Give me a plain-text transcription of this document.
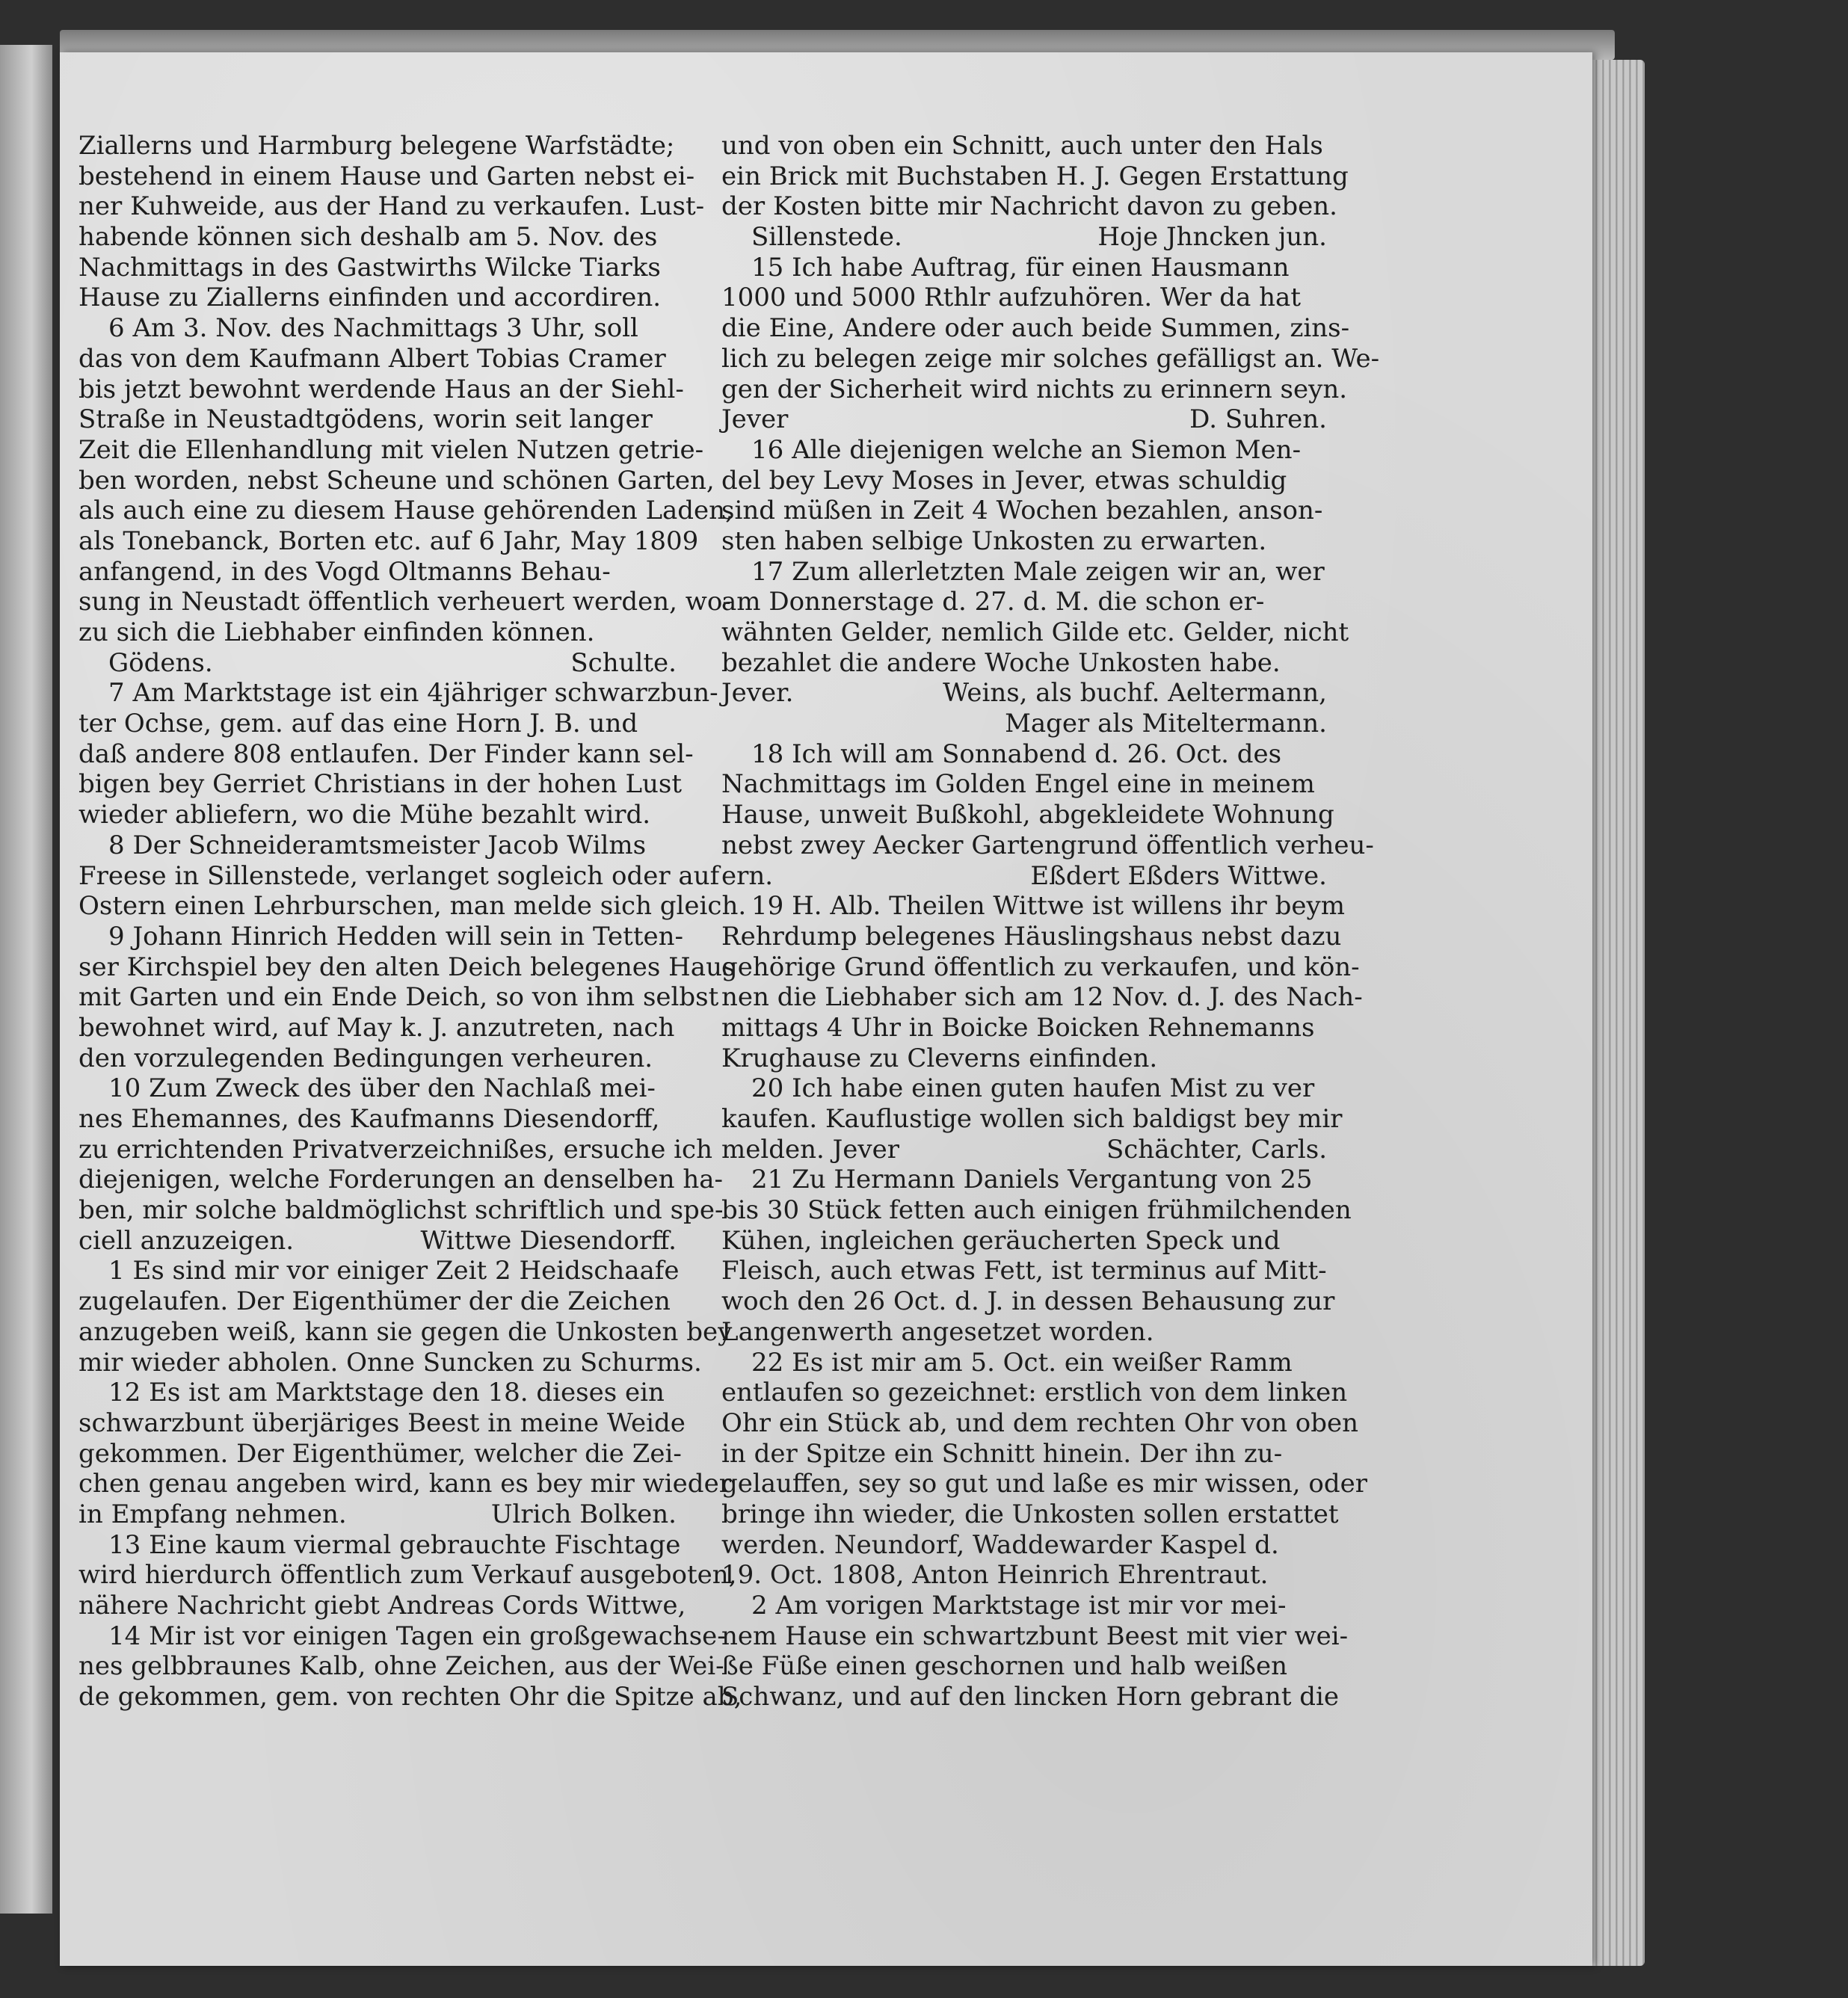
Ziallerns und Harmburg belegene Warfstädte;
bestehend in einem Hause und Garten nebst ei-
ner Kuhweide, aus der Hand zu verkaufen. Lust-
habende können sich deshalb am 5. Nov. des
Nachmittags in des Gastwirths Wilcke Tiarks
Hause zu Ziallerns einfinden und accordiren.
6 Am 3. Nov. des Nachmittags 3 Uhr, soll
das von dem Kaufmann Albert Tobias Cramer
bis jetzt bewohnt werdende Haus an der Siehl-
Straße in Neustadtgödens, worin seit langer
Zeit die Ellenhandlung mit vielen Nutzen getrie-
ben worden, nebst Scheune und schönen Garten,
als auch eine zu diesem Hause gehörenden Laden,
als Tonebanck, Borten etc. auf 6 Jahr, May 1809
anfangend, in des Vogd Oltmanns Behau-
sung in Neustadt öffentlich verheuert werden, wo-
zu sich die Liebhaber einfinden können.
Gödens.	Schulte.
7 Am Marktstage ist ein 4jähriger schwarzbun-
ter Ochse, gem. auf das eine Horn J. B. und
daß andere 808 entlaufen. Der Finder kann sel-
bigen bey Gerriet Christians in der hohen Lust
wieder abliefern, wo die Mühe bezahlt wird.
8 Der Schneideramtsmeister Jacob Wilms
Freese in Sillenstede, verlanget sogleich oder auf
Ostern einen Lehrburschen, man melde sich gleich.
9 Johann Hinrich Hedden will sein in Tetten-
ser Kirchspiel bey den alten Deich belegenes Haus
mit Garten und ein Ende Deich, so von ihm selbst
bewohnet wird, auf May k. J. anzutreten, nach
den vorzulegenden Bedingungen verheuren.
10 Zum Zweck des über den Nachlaß mei-
nes Ehemannes, des Kaufmanns Diesendorff,
zu errichtenden Privatverzeichnißes, ersuche ich
diejenigen, welche Forderungen an denselben ha-
ben, mir solche baldmöglichst schriftlich und spe-
ciell anzuzeigen.	Wittwe Diesendorff.
1 Es sind mir vor einiger Zeit 2 Heidschaafe
zugelaufen. Der Eigenthümer der die Zeichen
anzugeben weiß, kann sie gegen die Unkosten bey
mir wieder abholen. Onne Suncken zu Schurms.
12 Es ist am Marktstage den 18. dieses ein
schwarzbunt überjäriges Beest in meine Weide
gekommen. Der Eigenthümer, welcher die Zei-
chen genau angeben wird, kann es bey mir wieder
in Empfang nehmen.	Ulrich Bolken.
13 Eine kaum viermal gebrauchte Fischtage
wird hierdurch öffentlich zum Verkauf ausgeboten,
nähere Nachricht giebt Andreas Cords Wittwe,
14 Mir ist vor einigen Tagen ein großgewachse-
nes gelbbraunes Kalb, ohne Zeichen, aus der Wei-
de gekommen, gem. von rechten Ohr die Spitze ab,
und von oben ein Schnitt, auch unter den Hals
ein Brick mit Buchstaben H. J. Gegen Erstattung
der Kosten bitte mir Nachricht davon zu geben.
Sillenstede.	Hoje Jhncken jun.
15 Ich habe Auftrag, für einen Hausmann
1000 und 5000 Rthlr aufzuhören. Wer da hat
die Eine, Andere oder auch beide Summen, zins-
lich zu belegen zeige mir solches gefälligst an. We-
gen der Sicherheit wird nichts zu erinnern seyn.
Jever	D. Suhren.
16 Alle diejenigen welche an Siemon Men-
del bey Levy Moses in Jever, etwas schuldig
sind müßen in Zeit 4 Wochen bezahlen, anson-
sten haben selbige Unkosten zu erwarten.
17 Zum allerletzten Male zeigen wir an, wer
am Donnerstage d. 27. d. M. die schon er-
wähnten Gelder, nemlich Gilde etc. Gelder, nicht
bezahlet die andere Woche Unkosten habe.
Jever.	Weins, als buchf. Aeltermann,
Mager als Miteltermann.
18 Ich will am Sonnabend d. 26. Oct. des
Nachmittags im Golden Engel eine in meinem
Hause, unweit Bußkohl, abgekleidete Wohnung
nebst zwey Aecker Gartengrund öffentlich verheu-
ern.	Eßdert Eßders Wittwe.
19 H. Alb. Theilen Wittwe ist willens ihr beym
Rehrdump belegenes Häuslingshaus nebst dazu
gehörige Grund öffentlich zu verkaufen, und kön-
nen die Liebhaber sich am 12 Nov. d. J. des Nach-
mittags 4 Uhr in Boicke Boicken Rehnemanns
Krughause zu Cleverns einfinden.
20 Ich habe einen guten haufen Mist zu ver
kaufen. Kauflustige wollen sich baldigst bey mir
melden. Jever	Schächter, Carls.
21 Zu Hermann Daniels Vergantung von 25
bis 30 Stück fetten auch einigen frühmilchenden
Kühen, ingleichen geräucherten Speck und
Fleisch, auch etwas Fett, ist terminus auf Mitt-
woch den 26 Oct. d. J. in dessen Behausung zur
Langenwerth angesetzet worden.
22 Es ist mir am 5. Oct. ein weißer Ramm
entlaufen so gezeichnet: erstlich von dem linken
Ohr ein Stück ab, und dem rechten Ohr von oben
in der Spitze ein Schnitt hinein. Der ihn zu-
gelauffen, sey so gut und laße es mir wissen, oder
bringe ihn wieder, die Unkosten sollen erstattet
werden. Neundorf, Waddewarder Kaspel d.
19. Oct. 1808, Anton Heinrich Ehrentraut.
2 Am vorigen Marktstage ist mir vor mei-
nem Hause ein schwartzbunt Beest mit vier wei-
ße Füße einen geschornen und halb weißen
Schwanz, und auf den lincken Horn gebrant die
